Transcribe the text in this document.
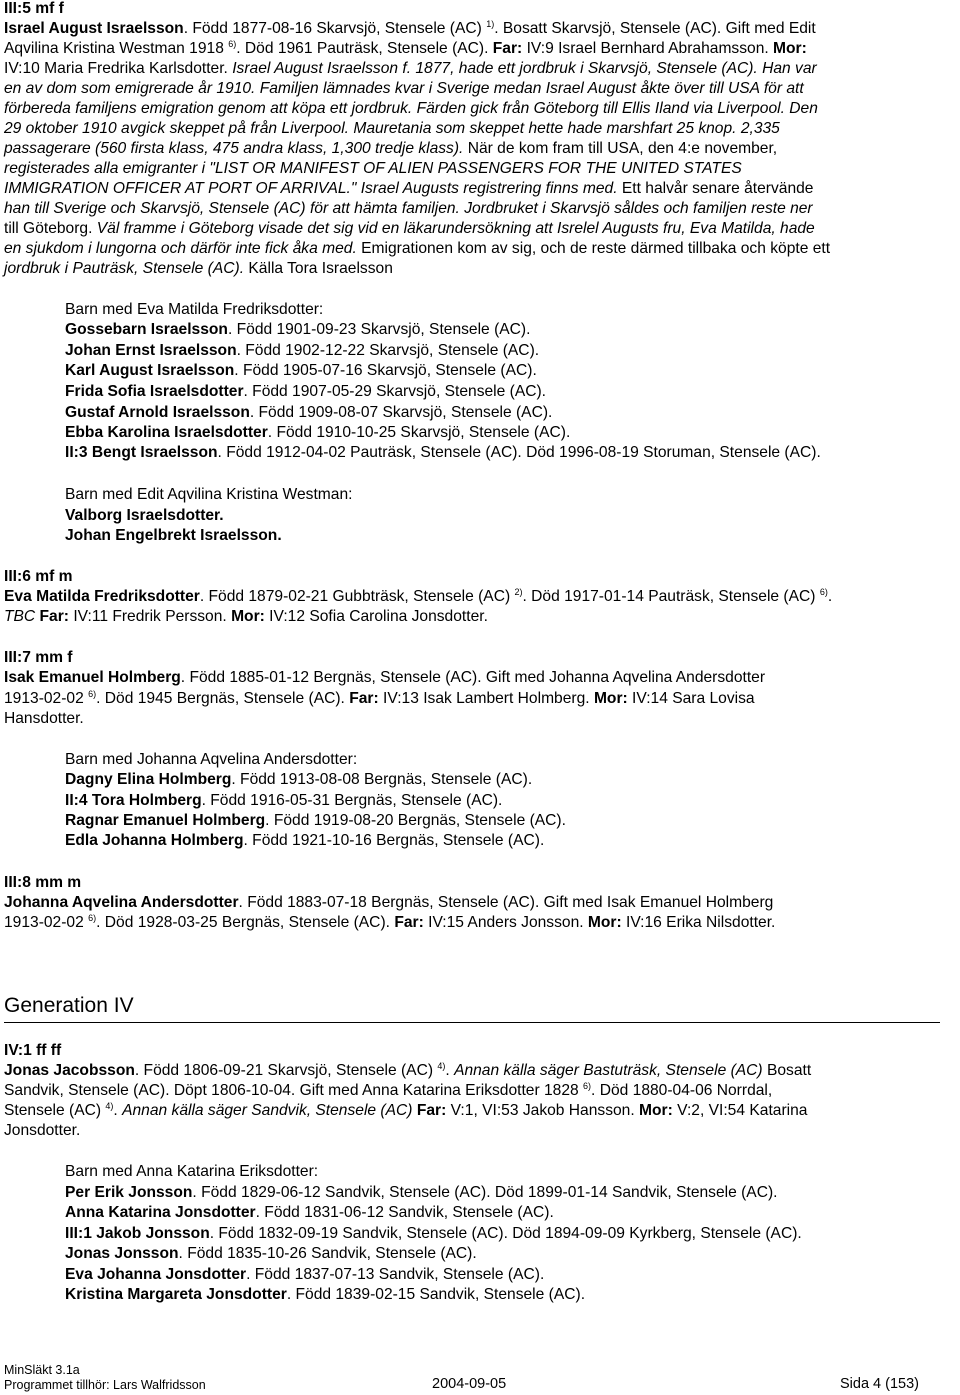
III:5 mf f
Israel August Israelsson. Född 1877-08-16 Skarvsjö, Stensele (AC) $^{1)}$. Bosatt Skarvsjö, Stensele (AC). Gift med Edit
Aqvilina Kristina Westman 1918 $^{6)}$. Död 1961 Pauträsk, Stensele (AC). Far: IV:9 Israel Bernhard Abrahamsson. Mor:
IV:10 Maria Fredrika Karlsdotter. Israel August Israelsson f. 1877, hade ett jordbruk i Skarvsjö, Stensele (AC). Han var
en av dom som emigrerade år 1910. Familjen lämnades kvar i Sverige medan Israel August åkte över till USA för att
förbereda familjens emigration genom att köpa ett jordbruk. Färden gick från Göteborg till Ellis Iland via Liverpool. Den
29 oktober 1910 avgick skeppet på från Liverpool. Mauretania som skeppet hette hade marshfart 25 knop. 2,335
passagerare (560 firsta klass, 475 andra klass, 1,300 tredje klass). När de kom fram till USA, den 4:e november,
registerades alla emigranter i "LIST OR MANIFEST OF ALIEN PASSENGERS FOR THE UNITED STATES
IMMIGRATION OFFICER AT PORT OF ARRIVAL." Israel Augusts registrering finns med. Ett halvår senare återvände
han till Sverige och Skarvsjö, Stensele (AC) för att hämta familjen. Jordbruket i Skarvsjö såldes och familjen reste ner
till Göteborg. Väl framme i Göteborg visade det sig vid en läkarundersökning att Isrelel Augusts fru, Eva Matilda, hade
en sjukdom i lungorna och därför inte fick åka med. Emigrationen kom av sig, och de reste därmed tillbaka och köpte ett
jordbruk i Pauträsk, Stensele (AC). Källa Tora Israelsson
Barn med Eva Matilda Fredriksdotter:
Gossebarn Israelsson. Född 1901-09-23 Skarvsjö, Stensele (AC).
Johan Ernst Israelsson. Född 1902-12-22 Skarvsjö, Stensele (AC).
Karl August Israelsson. Född 1905-07-16 Skarvsjö, Stensele (AC).
Frida Sofia Israelsdotter. Född 1907-05-29 Skarvsjö, Stensele (AC).
Gustaf Arnold Israelsson. Född 1909-08-07 Skarvsjö, Stensele (AC).
Ebba Karolina Israelsdotter. Född 1910-10-25 Skarvsjö, Stensele (AC).
II:3 Bengt Israelsson. Född 1912-04-02 Pauträsk, Stensele (AC). Död 1996-08-19 Storuman, Stensele (AC).
Barn med Edit Aqvilina Kristina Westman:
Valborg Israelsdotter.
Johan Engelbrekt Israelsson.
III:6 mf m
Eva Matilda Fredriksdotter. Född 1879-02-21 Gubbträsk, Stensele (AC) $^{2)}$. Död 1917-01-14 Pauträsk, Stensele (AC) $^{6)}$.
TBC Far: IV:11 Fredrik Persson. Mor: IV:12 Sofia Carolina Jonsdotter.
III:7 mm f
Isak Emanuel Holmberg. Född 1885-01-12 Bergnäs, Stensele (AC). Gift med Johanna Aqvelina Andersdotter
1913-02-02 $^{6)}$. Död 1945 Bergnäs, Stensele (AC). Far: IV:13 Isak Lambert Holmberg. Mor: IV:14 Sara Lovisa
Hansdotter.
Barn med Johanna Aqvelina Andersdotter:
Dagny Elina Holmberg. Född 1913-08-08 Bergnäs, Stensele (AC).
II:4 Tora Holmberg. Född 1916-05-31 Bergnäs, Stensele (AC).
Ragnar Emanuel Holmberg. Född 1919-08-20 Bergnäs, Stensele (AC).
Edla Johanna Holmberg. Född 1921-10-16 Bergnäs, Stensele (AC).
III:8 mm m
Johanna Aqvelina Andersdotter. Född 1883-07-18 Bergnäs, Stensele (AC). Gift med Isak Emanuel Holmberg
1913-02-02 $^{6)}$. Död 1928-03-25 Bergnäs, Stensele (AC). Far: IV:15 Anders Jonsson. Mor: IV:16 Erika Nilsdotter.
Generation IV
IV:1 ff ff
Jonas Jacobsson. Född 1806-09-21 Skarvsjö, Stensele (AC) $^{4)}$. Annan källa säger Bastuträsk, Stensele (AC) Bosatt
Sandvik, Stensele (AC). Döpt 1806-10-04. Gift med Anna Katarina Eriksdotter 1828 $^{6)}$. Död 1880-04-06 Norrdal,
Stensele (AC) $^{4)}$. Annan källa säger Sandvik, Stensele (AC) Far: V:1, VI:53 Jakob Hansson. Mor: V:2, VI:54 Katarina
Jonsdotter.
Barn med Anna Katarina Eriksdotter:
Per Erik Jonsson. Född 1829-06-12 Sandvik, Stensele (AC). Död 1899-01-14 Sandvik, Stensele (AC).
Anna Katarina Jonsdotter. Född 1831-06-12 Sandvik, Stensele (AC).
III:1 Jakob Jonsson. Född 1832-09-19 Sandvik, Stensele (AC). Död 1894-09-09 Kyrkberg, Stensele (AC).
Jonas Jonsson. Född 1835-10-26 Sandvik, Stensele (AC).
Eva Johanna Jonsdotter. Född 1837-07-13 Sandvik, Stensele (AC).
Kristina Margareta Jonsdotter. Född 1839-02-15 Sandvik, Stensele (AC).
MinSläkt 3.1a
Programmet tillhör: Lars Walfridsson	2004-09-05	Sida 4 (153)
